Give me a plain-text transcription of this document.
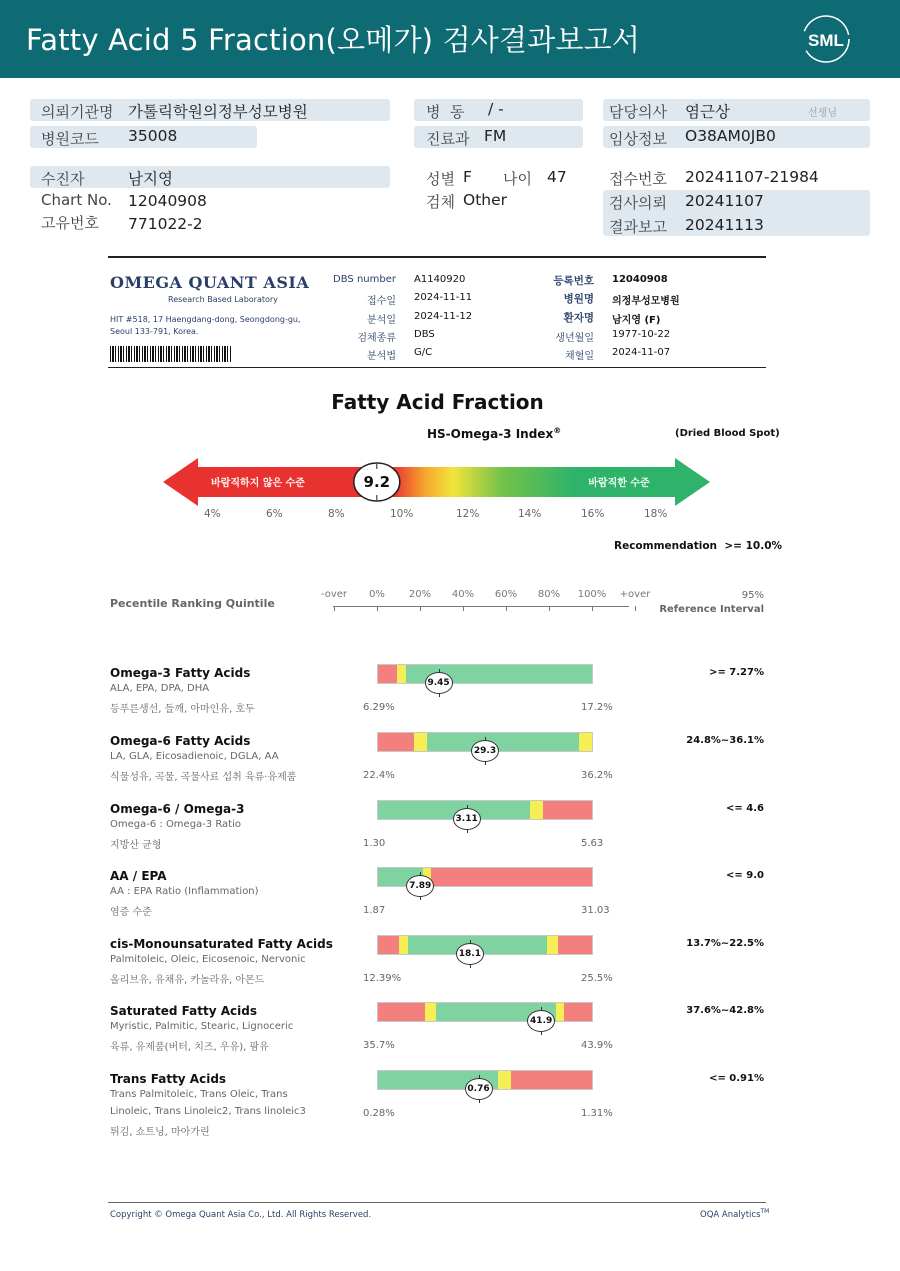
Fatty Acid 5 Fraction(오메가) 검사결과보고서	SML
의뢰기관명 가톨릭학원의정부성모병원
병원코드 35008
병  동 / -
진료과 FM
담당의사 염근상	선생님
임상정보 O38AM0JB0
수진자	남지영
Chart No. 12040908
고유번호 771022-2
성별 F 나이 47
검체 Other
접수번호 20241107-21984
검사의뢰 20241107
결과보고 20241113
OMEGA QUANT ASIA
Research Based Laboratory
HIT #518, 17 Haengdang-dong, Seongdong-gu,
Seoul 133-791, Korea.
DBS number A1140920
접수일 2024-11-11
분석일 2024-11-12
검체종류 DBS
분석법 G/C
등록번호 12040908
병원명 의정부성모병원
환자명 남지영 (F)
생년월일 1977-10-22
채혈일 2024-11-07
Fatty Acid Fraction
HS-Omega-3 Index®	(Dried Blood Spot)
바람직하지 않은 수준	바람직한 수준
9.2
4%	6%	8%	10%	12%	14%	16%	18%
Recommendation >= 10.0%
Pecentile Ranking Quintile
-over	0%	20%	40%	60%	80%	100%	+over	95%
Reference Interval
Omega-3 Fatty Acids
ALA, EPA, DPA, DHA
등푸른생선, 들깨, 아마인유, 호두
9.45
6.29%	17.2%
>= 7.27%
Omega-6 Fatty Acids
LA, GLA, Eicosadienoic, DGLA, AA
식물성유, 곡물, 곡물사료 섭취 육류·유제품
29.3
22.4%	36.2%
24.8%~36.1%
Omega-6 / Omega-3
Omega-6 : Omega-3 Ratio
지방산 균형
3.11
1.30	5.63
<= 4.6
AA / EPA
AA : EPA Ratio (Inflammation)
염증 수준
7.89
1.87	31.03
<= 9.0
cis-Monounsaturated Fatty Acids
Palmitoleic, Oleic, Eicosenoic, Nervonic
올리브유, 유채유, 카놀라유, 아몬드
18.1
12.39%	25.5%
13.7%~22.5%
Saturated Fatty Acids
Myristic, Palmitic, Stearic, Lignoceric
육류, 유제품(버터, 치즈, 우유), 팜유
41.9
35.7%	43.9%
37.6%~42.8%
Trans Fatty Acids
Trans Palmitoleic, Trans Oleic, Trans
Linoleic, Trans Linoleic2, Trans linoleic3
튀김, 쇼트닝, 마아가린
0.76
0.28%	1.31%
<= 0.91%
Copyright © Omega Quant Asia Co., Ltd. All Rights Reserved.	OQA Analytics™
